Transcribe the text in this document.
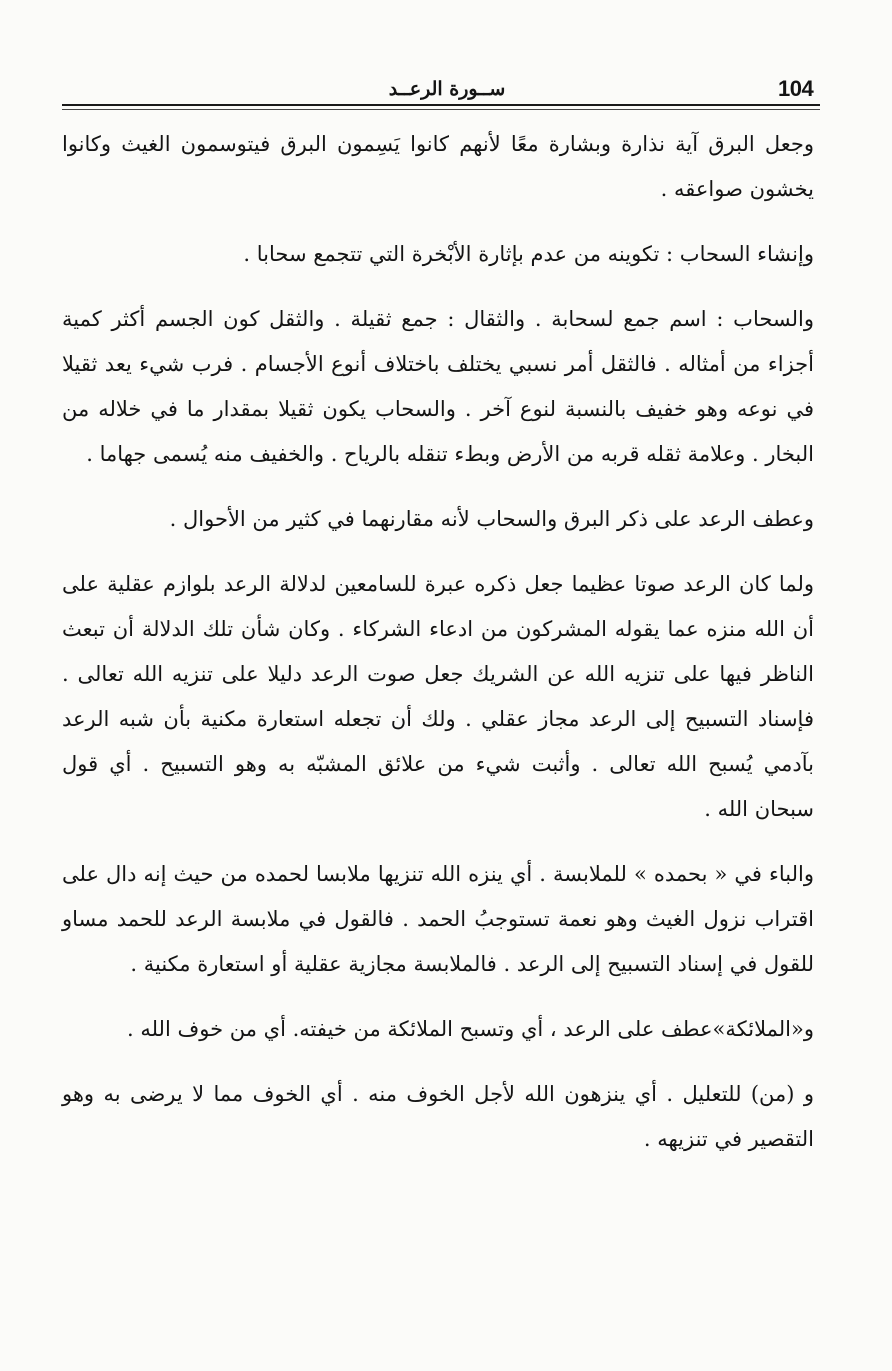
104
ســورة الرعــد

وجعل البرق آية نذارة وبشارة معًا لأنهم كانوا يَسِمون البرق فيتوسمون الغيث وكانوا يخشون صواعقه .

وإنشاء السحاب : تكوينه من عدم بإثارة الأبْخرة التي تتجمع سحابا .

والسحاب : اسم جمع لسحابة . والثقال : جمع ثقيلة . والثقل كون الجسم أكثر كمية أجزاء من أمثاله . فالثقل أمر نسبي يختلف باختلاف أنوع الأجسام . فرب شيء يعد ثقيلا في نوعه وهو خفيف بالنسبة لنوع آخر . والسحاب يكون ثقيلا بمقدار ما في خلاله من البخار . وعلامة ثقله قربه من الأرض وبطء تنقله بالرياح . والخفيف منه يُسمى جهاما .

وعطف الرعد على ذكر البرق والسحاب لأنه مقارنهما في كثير من الأحوال .

ولما كان الرعد صوتا عظيما جعل ذكره عبرة للسامعين لدلالة الرعد بلوازم عقلية على أن الله منزه عما يقوله المشركون من ادعاء الشركاء . وكان شأن تلك الدلالة أن تبعث الناظر فيها على تنزيه الله عن الشريك جعل صوت الرعد دليلا على تنزيه الله تعالى . فإسناد التسبيح إلى الرعد مجاز عقلي . ولك أن تجعله استعارة مكنية بأن شبه الرعد بآدمي يُسبح الله تعالى . وأثبت شيء من علائق المشبّه به وهو التسبيح . أي قول سبحان الله .

والباء في « بحمده » للملابسة . أي ينزه الله تنزيها ملابسا لحمده من حيث إنه دال على اقتراب نزول الغيث وهو نعمة تستوجبُ الحمد . فالقول في ملابسة الرعد للحمد مساو للقول في إسناد التسبيح إلى الرعد . فالملابسة مجازية عقلية أو استعارة مكنية .

و«الملائكة»عطف على الرعد ، أي وتسبح الملائكة من خيفته. أي من خوف الله .

و (من) للتعليل . أي ينزهون الله لأجل الخوف منه . أي الخوف مما لا يرضى به وهو التقصير في تنزيهه .
